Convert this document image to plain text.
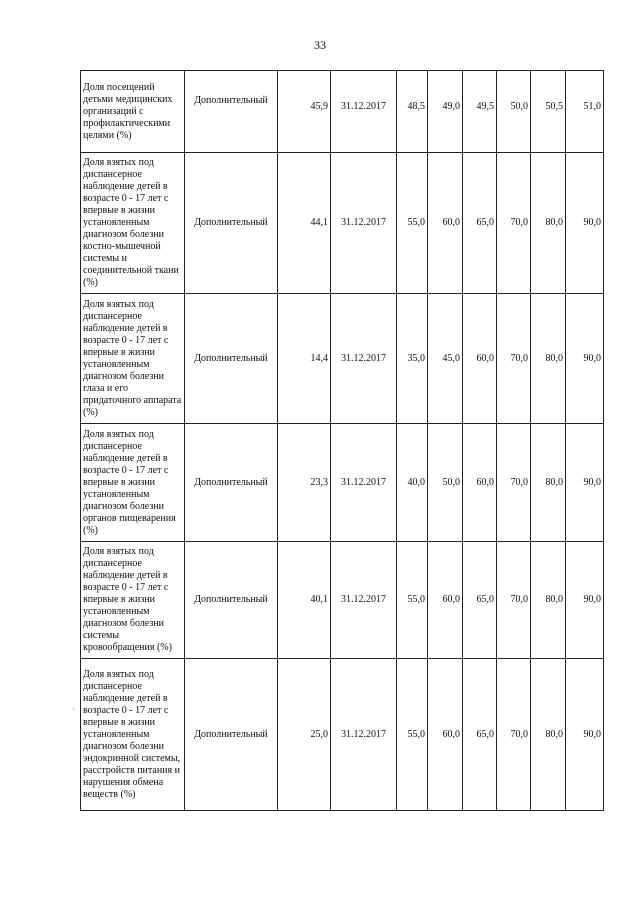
33
`
Доля посещений детьми медицинских организаций с профилактическими целями (%)	Дополнительный	45,9	31.12.2017	48,5	49,0	49,5	50,0	50,5	51,0
Доля взятых под диспансерное наблюдение детей в возрасте 0 - 17 лет с впервые в жизни установленным диагнозом болезни костно-мышечной системы и соединительной ткани (%)	Дополнительный	44,1	31.12.2017	55,0	60,0	65,0	70,0	80,0	90,0
Доля взятых под диспансерное наблюдение детей в возрасте 0 - 17 лет с впервые в жизни установленным диагнозом болезни глаза и его придаточного аппарата (%)	Дополнительный	14,4	31.12.2017	35,0	45,0	60,0	70,0	80,0	90,0
Доля взятых под диспансерное наблюдение детей в возрасте 0 - 17 лет с впервые в жизни установленным диагнозом болезни органов пищеварения (%)	Дополнительный	23,3	31.12.2017	40,0	50,0	60,0	70,0	80,0	90,0
Доля взятых под диспансерное наблюдение детей в возрасте 0 - 17 лет с впервые в жизни установленным диагнозом болезни системы кровообращения (%)	Дополнительный	40,1	31.12.2017	55,0	60,0	65,0	70,0	80,0	90,0
Доля взятых под диспансерное наблюдение детей в возрасте 0 - 17 лет с впервые в жизни установленным диагнозом болезни эндокринной системы, расстройств питания и нарушения обмена веществ (%)	Дополнительный	25,0	31.12.2017	55,0	60,0	65,0	70,0	80,0	90,0
